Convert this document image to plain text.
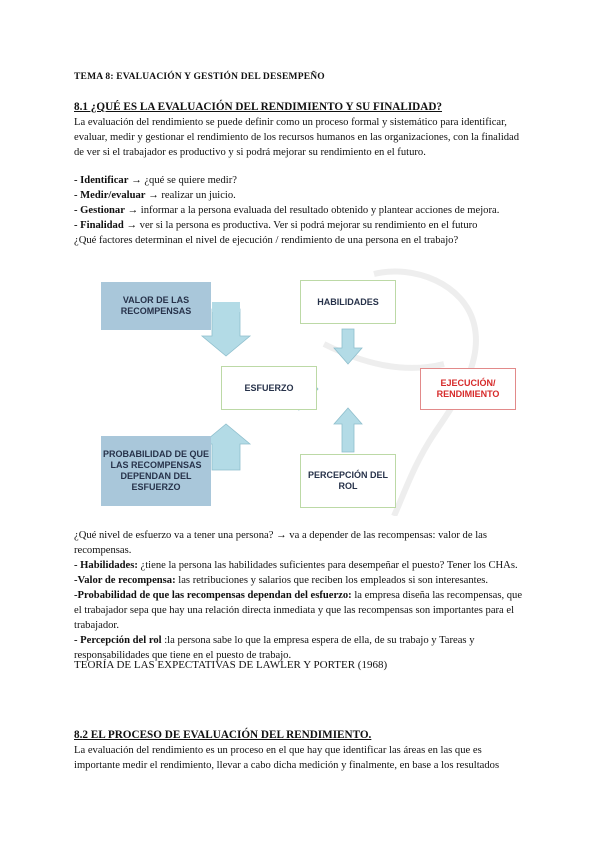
TEMA 8: EVALUACIÓN Y GESTIÓN DEL DESEMPEÑO
8.1 ¿QUÉ ES LA EVALUACIÓN DEL RENDIMIENTO Y SU FINALIDAD?

La evaluación del rendimiento se puede definir como un proceso formal y sistemático para identificar, evaluar, medir y gestionar el rendimiento de los recursos humanos en las organizaciones, con la finalidad de ver si el trabajador es productivo y si podrá mejorar su rendimiento en el futuro.

- Identificar → ¿qué se quiere medir?

- Medir/evaluar → realizar un juicio.

- Gestionar → informar a la persona evaluada del resultado obtenido y plantear acciones de mejora.

- Finalidad → ver si la persona es productiva. Ver si podrá mejorar su rendimiento en el futuro

¿Qué factores determinan el nivel de ejecución / rendimiento de una persona en el trabajo?

VALOR DE LAS RECOMPENSAS
PROBABILIDAD DE QUE LAS RECOMPENSAS DEPENDAN DEL ESFUERZO
ESFUERZO
HABILIDADES
PERCEPCIÓN DEL ROL
EJECUCIÓN/ RENDIMIENTO

¿Qué nivel de esfuerzo va a tener una persona? → va a depender de las recompensas: valor de las recompensas.

- Habilidades: ¿tiene la persona las habilidades suficientes para desempeñar el puesto? Tener los CHAs.

-Valor de recompensa: las retribuciones y salarios que reciben los empleados si son interesantes.

-Probabilidad de que las recompensas dependan del esfuerzo: la empresa diseña las recompensas, que el trabajador sepa que hay una relación directa inmediata y que las recompensas son importantes para el trabajador.

- Percepción del rol :la persona sabe lo que la empresa espera de ella, de su trabajo y Tareas y responsabilidades que tiene en el puesto de trabajo.

TEORÍA DE LAS EXPECTATIVAS DE LAWLER Y PORTER (1968)
8.2 EL PROCESO DE EVALUACIÓN DEL RENDIMIENTO.

La evaluación del rendimiento es un proceso en el que hay que identificar las áreas en las que es importante medir el rendimiento, llevar a cabo dicha medición y finalmente, en base a los resultados
